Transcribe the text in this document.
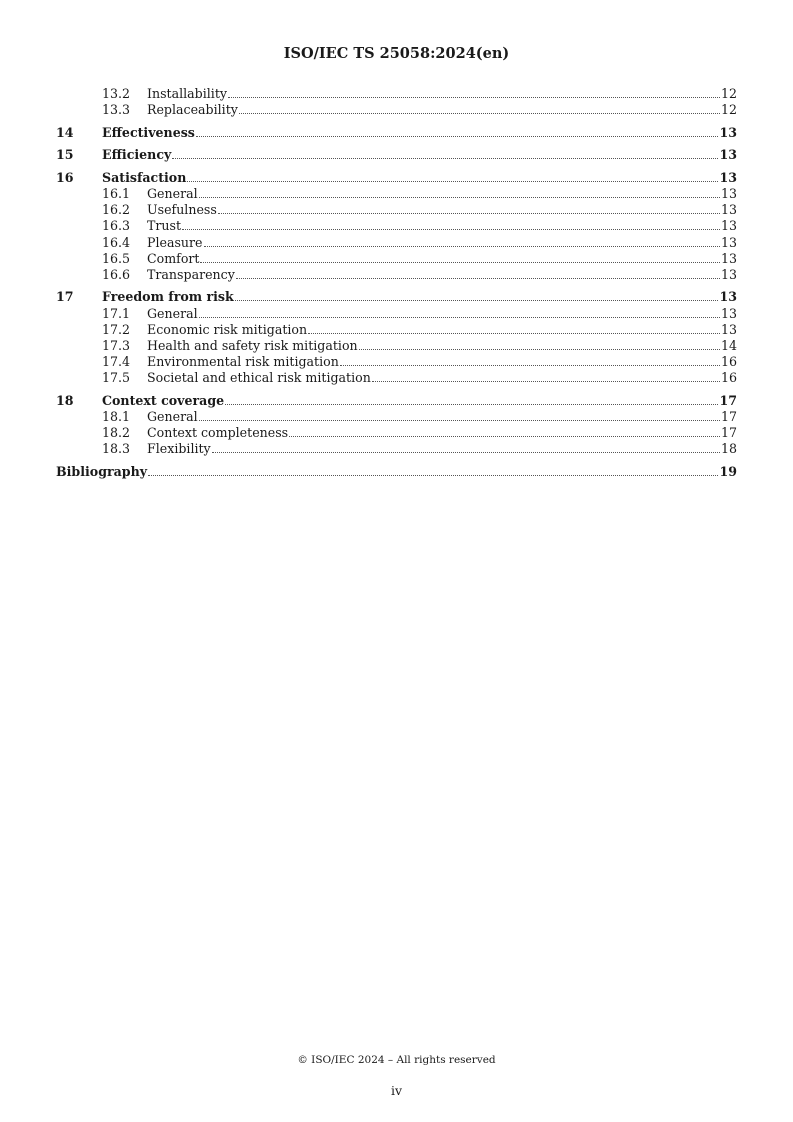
ISO/IEC TS 25058:2024(en)
13.2	Installability	12
13.3	Replaceability	12
14	Effectiveness	13
15	Efficiency	13
16	Satisfaction	13
16.1	General	13
16.2	Usefulness	13
16.3	Trust	13
16.4	Pleasure	13
16.5	Comfort	13
16.6	Transparency	13
17	Freedom from risk	13
17.1	General	13
17.2	Economic risk mitigation	13
17.3	Health and safety risk mitigation	14
17.4	Environmental risk mitigation	16
17.5	Societal and ethical risk mitigation	16
18	Context coverage	17
18.1	General	17
18.2	Context completeness	17
18.3	Flexibility	18
Bibliography	19
© ISO/IEC 2024 – All rights reserved
iv
